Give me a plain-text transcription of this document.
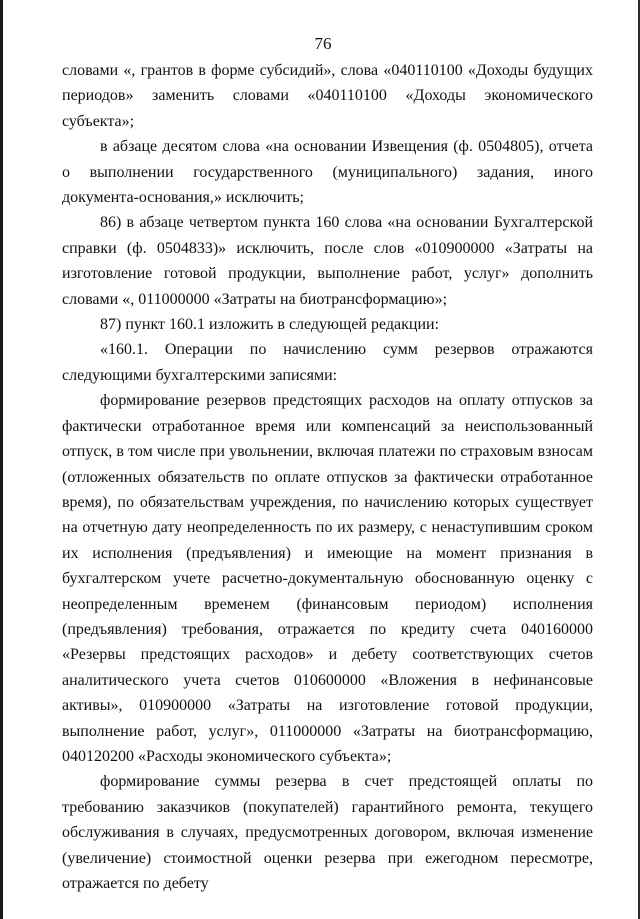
76

словами «, грантов в форме субсидий», слова «040110100 «Доходы будущих периодов» заменить словами «040110100 «Доходы экономического субъекта»;

в абзаце десятом слова «на основании Извещения (ф. 0504805), отчета о выполнении государственного (муниципального) задания, иного документа-основания,» исключить;

86) в абзаце четвертом пункта 160 слова «на основании Бухгалтерской справки (ф. 0504833)» исключить, после слов «010900000 «Затраты на изготовление готовой продукции, выполнение работ, услуг» дополнить словами «, 011000000 «Затраты на биотрансформацию»;

87) пункт 160.1 изложить в следующей редакции:

«160.1. Операции по начислению сумм резервов отражаются следующими бухгалтерскими записями:

формирование резервов предстоящих расходов на оплату отпусков за фактически отработанное время или компенсаций за неиспользованный отпуск, в том числе при увольнении, включая платежи по страховым взносам (отложенных обязательств по оплате отпусков за фактически отработанное время), по обязательствам учреждения, по начислению которых существует на отчетную дату неопределенность по их размеру, с ненаступившим сроком их исполнения (предъявления) и имеющие на момент признания в бухгалтерском учете расчетно-документальную обоснованную оценку с неопределенным временем (финансовым периодом) исполнения (предъявления) требования, отражается по кредиту счета 040160000 «Резервы предстоящих расходов» и дебету соответствующих счетов аналитического учета счетов 010600000 «Вложения в нефинансовые активы», 010900000 «Затраты на изготовление готовой продукции, выполнение работ, услуг», 011000000 «Затраты на биотрансформацию, 040120200 «Расходы экономического субъекта»;

формирование суммы резерва в счет предстоящей оплаты по требованию заказчиков (покупателей) гарантийного ремонта, текущего обслуживания в случаях, предусмотренных договором, включая изменение (увеличение) стоимостной оценки резерва при ежегодном пересмотре, отражается по дебету
